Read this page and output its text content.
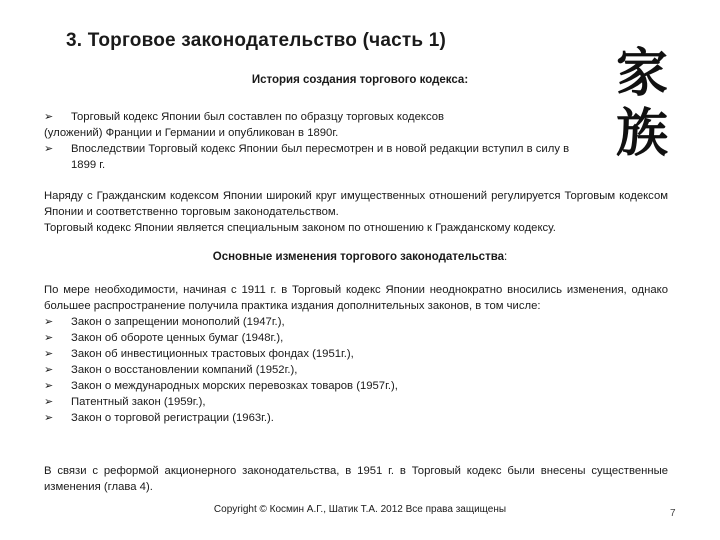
3. Торговое законодательство (часть 1)
家
族
История создания торгового кодекса:
➢ Торговый кодекс Японии был составлен по образцу торговых кодексов
(уложений) Франции и Германии и опубликован в 1890г.
➢ Впоследствии Торговый кодекс Японии был пересмотрен и в новой редакции вступил в силу в
1899 г.

Наряду с Гражданским кодексом Японии широкий круг имущественных отношений регулируется Торговым кодексом Японии и соответственно торговым законодательством.

Торговый кодекс Японии является специальным законом по отношению к Гражданскому кодексу.

Основные изменения торгового законодательства:

По мере необходимости, начиная с 1911 г. в Торговый кодекс Японии неоднократно вносились изменения, однако большее распространение получила практика издания дополнительных законов, в том числе:

➢ Закон о запрещении монополий (1947г.),
➢ Закон об обороте ценных бумаг (1948г.),
➢ Закон об инвестиционных трастовых фондах (1951г.),
➢ Закон о восстановлении компаний (1952г.),
➢ Закон о международных морских перевозках товаров (1957г.),
➢ Патентный закон (1959г.),
➢ Закон о торговой регистрации (1963г.).

В связи с реформой акционерного законодательства, в 1951 г. в Торговый кодекс были внесены существенные изменения (глава 4).

Copyright © Космин А.Г., Шатик Т.А. 2012 Все права защищены	7
